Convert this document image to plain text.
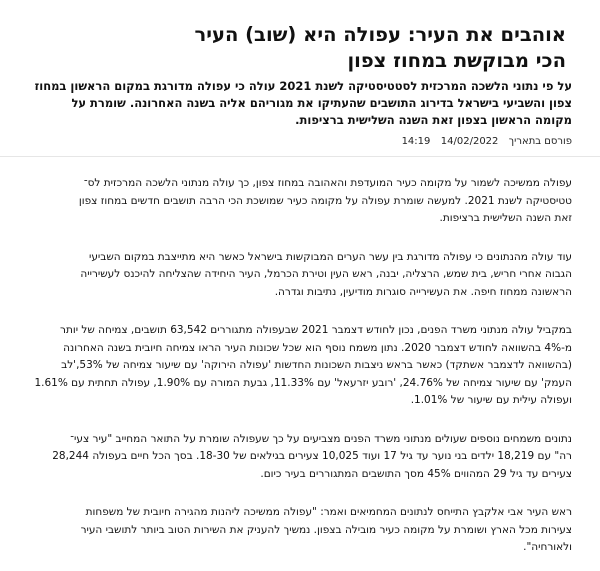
אוהבים את העיר: עפולה היא (שוב) העיר
הכי מבוקשת במחוז צפון
על פי נתוני הלשכה המרכזית לסטטיסטיקה לשנת 2021 עולה כי עפולה מדורגת במקום הראשון במחוז
צפון והשביעי בישראל בדירוג התושבים שהעתיקו את מגוריהם אליה בשנה האחרונה. שומרת על
מקומה הראשון בצפון זאת השנה השלישית ברציפות.
פורסם בתאריך  14/02/2022  14:19
עפולה ממשיכה לשמור על מקומה כעיר המועדפת והאהובה במחוז צפון, כך עולה מנתוני הלשכה המרכזית לס־
טטיסטיקה לשנת 2021. למעשה שומרת עפולה על מקומה כעיר שמושכת הכי הרבה תושבים חדשים במחוז צפון
זאת השנה השלישית ברציפות.
עוד עולה מהנתונים כי עפולה מדורגת בין עשר הערים המבוקשות בישראל כאשר היא מתייצבת במקום השביעי
הגבוה אחרי חריש, בית שמש, הרצליה, יבנה, ראש העין וטירת הכרמל, העיר היחידה שהצליחה להיכנס לעשירייה
הראשונה ממחוז חיפה. את העשירייה סוגרות מודיעין, נתיבות וגדרה.
במקביל עולה מנתוני משרד הפנים, נכון לחודש דצמבר 2021 שבעפולה מתגוררים 63,542 תושבים, צמיחה של יותר
מ-4% בהשוואה לחודש דצמבר 2020. נתון משמח נוסף הוא שכל שכונות העיר הראו צמיחה חיובית בשנה האחרונה
(בהשוואה לדצמבר אשתקד) כאשר בראש ניצבות השכונות החדשות 'עפולה הירוקה' עם שיעור צמיחה של 53%,'לב
העמק' עם שיעור צמיחה של 24.76%, 'רובע יזרעאל' עם 11.33%, גבעת המורה עם 1.90%, עפולה תחתית עם 1.61%
ועפולה עילית עם שיעור של 1.01%.
נתונים משמחים נוספים שעולים מנתוני משרד הפנים מצביעים על כך שעפולה שומרת על התואר המחייב "עיר צעי־
רה" עם 18,219 ילדים בני נוער עד גיל 17 ועוד 10,025 צעירים בגילאים של 18-30. בסך הכל חיים בעפולה 28,244
צעירים עד גיל 29 המהווים 45% מסך התושבים המתגוררים בעיר כיום.
ראש העיר אבי אלקבץ התייחס לנתונים המחמיאים ואמר: "עפולה ממשיכה ליהנות מהגירה חיובית של משפחות
צעירות מכל הארץ ושומרת על מקומה כעיר מובילה בצפון. נמשיך להעניק את השירות הטוב ביותר לתושבי העיר
ולאורחיה".
